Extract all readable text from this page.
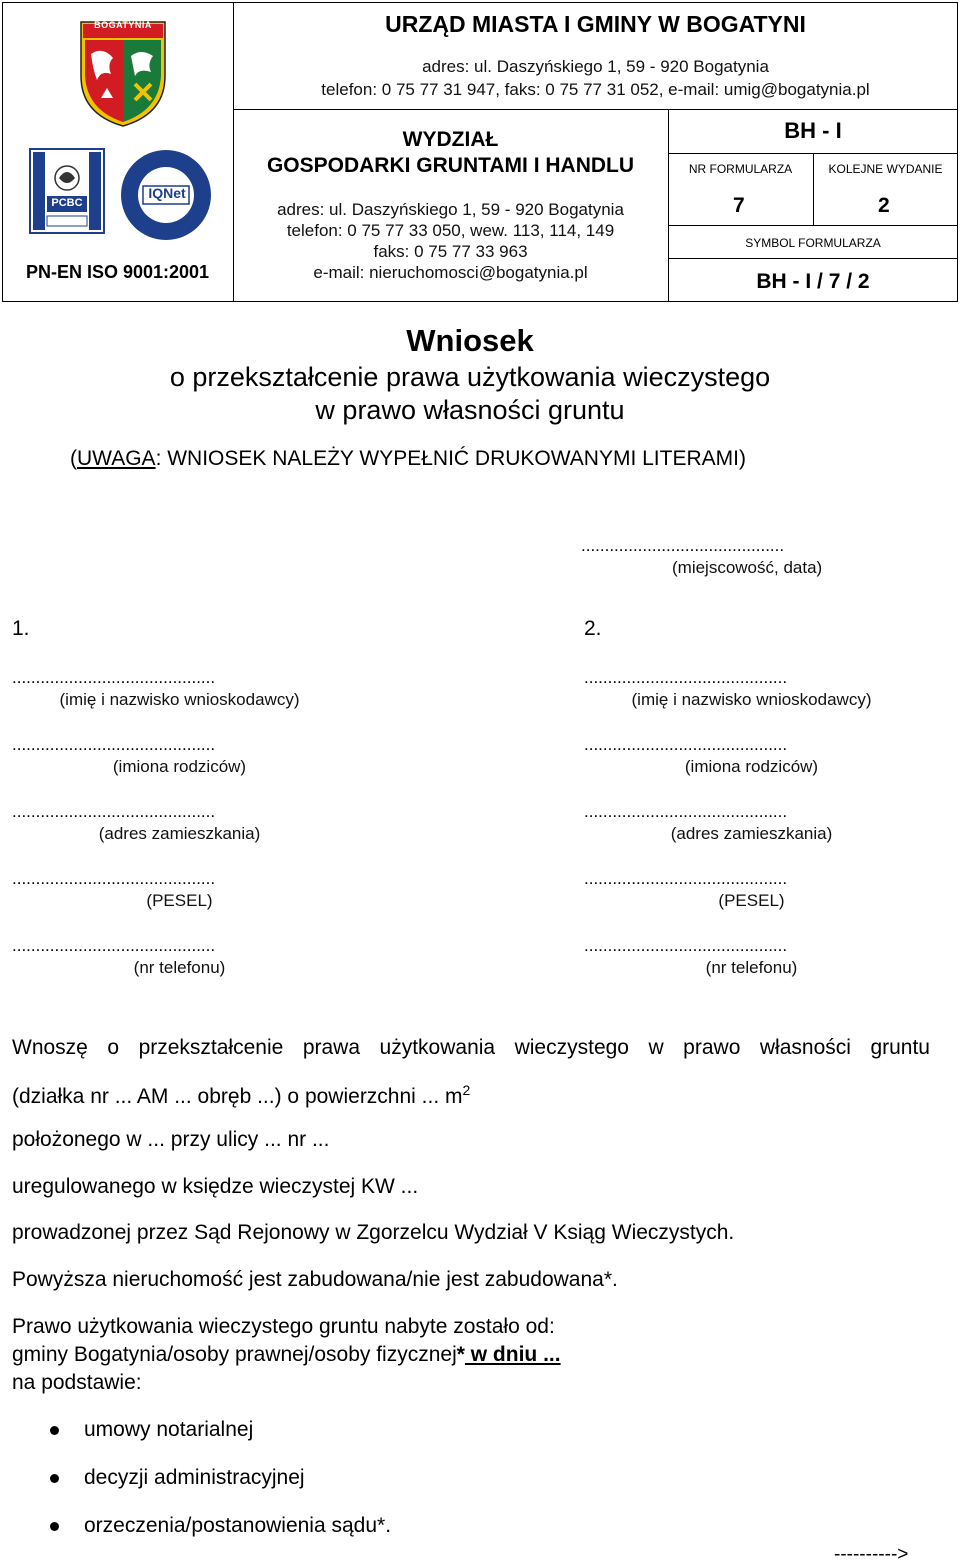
BOGATYNIA
PCBC
IQNet
PN-EN ISO 9001:2001
URZĄD MIASTA I GMINY W BOGATYNI
adres: ul. Daszyńskiego 1, 59 - 920 Bogatynia
telefon: 0 75 77 31 947, faks: 0 75 77 31 052, e-mail: umig@bogatynia.pl
WYDZIAŁ
GOSPODARKI GRUNTAMI I HANDLU
adres: ul. Daszyńskiego 1, 59 - 920 Bogatynia
telefon: 0 75 77 33 050, wew. 113, 114, 149
faks: 0 75 77 33 963
e-mail: nieruchomosci@bogatynia.pl
BH - I
NR FORMULARZA	KOLEJNE WYDANIE
7	2
SYMBOL FORMULARZA
BH - I / 7 / 2
Wniosek
o przekształcenie prawa użytkowania wieczystego
w prawo własności gruntu
(UWAGA: WNIOSEK NALEŻY WYPEŁNIĆ DRUKOWANYMI LITERAMI)
...........................................
(miejscowość, data)
1.	2.
...........................................
(imię i nazwisko wnioskodawcy)
...........................................
(imiona rodziców)
...........................................
(adres zamieszkania)
...........................................
(PESEL)
...........................................
(nr telefonu)
...........................................
(imię i nazwisko wnioskodawcy)
...........................................
(imiona rodziców)
...........................................
(adres zamieszkania)
...........................................
(PESEL)
...........................................
(nr telefonu)
Wnoszę o przekształcenie prawa użytkowania wieczystego w prawo własności gruntu
(działka nr ... AM ... obręb ...) o powierzchni ... $m^2$
położonego w ... przy ulicy ... nr ...
uregulowanego w księdze wieczystej KW ...
prowadzonej przez Sąd Rejonowy w Zgorzelcu Wydział V Ksiąg Wieczystych.
Powyższa nieruchomość jest zabudowana/nie jest zabudowana*.
Prawo użytkowania wieczystego gruntu nabyte zostało od:
gminy Bogatynia/osoby prawnej/osoby fizycznej* w dniu ...
na podstawie:
umowy notarialnej
decyzji administracyjnej
orzeczenia/postanowienia sądu*.
---------->
